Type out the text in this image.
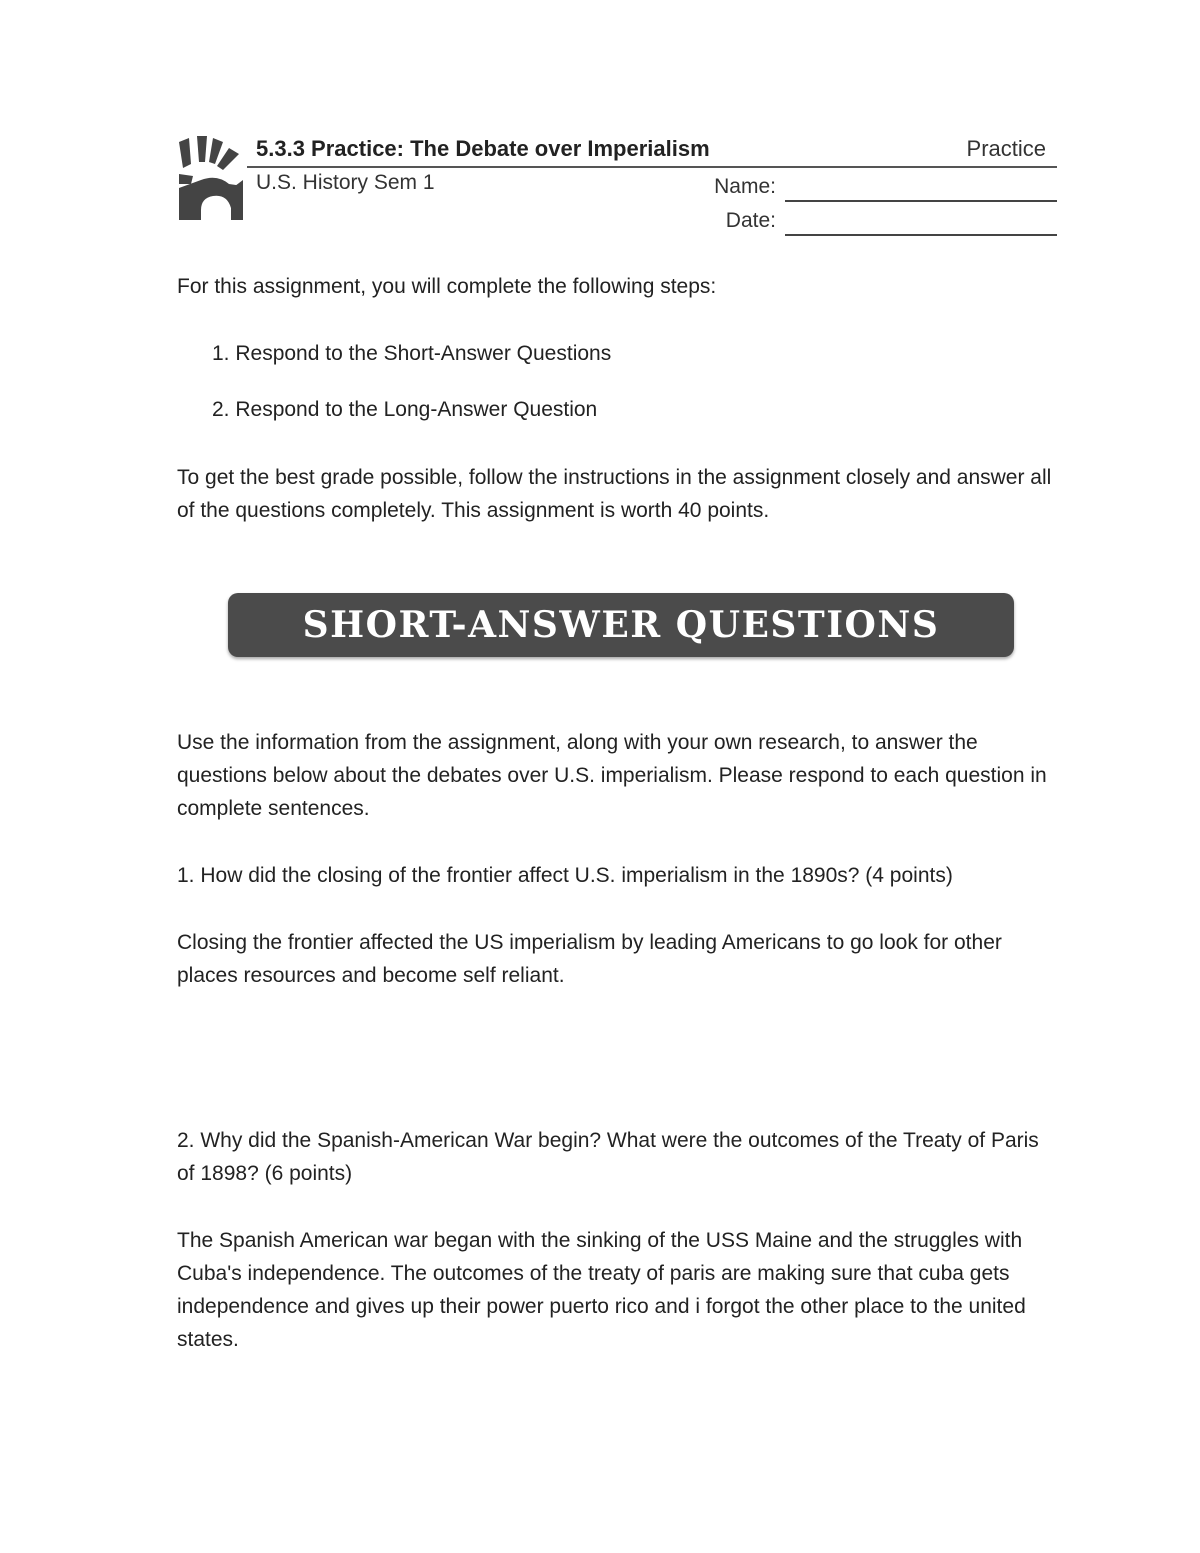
5.3.3 Practice: The Debate over Imperialism	Practice
U.S. History Sem 1	Name:
Date:

For this assignment, you will complete the following steps:

1. Respond to the Short-Answer Questions
2. Respond to the Long-Answer Question

To get the best grade possible, follow the instructions in the assignment closely and answer all of the questions completely. This assignment is worth 40 points.

SHORT-ANSWER QUESTIONS

Use the information from the assignment, along with your own research, to answer the questions below about the debates over U.S. imperialism. Please respond to each question in complete sentences.

1. How did the closing of the frontier affect U.S. imperialism in the 1890s? (4 points)

Closing the frontier affected the US imperialism by leading Americans to go look for other places resources and become self reliant.

2. Why did the Spanish-American War begin? What were the outcomes of the Treaty of Paris of 1898? (6 points)

The Spanish American war began with the sinking of the USS Maine and the struggles with Cuba's independence. The outcomes of the treaty of paris are making sure that cuba gets independence and gives up their power puerto rico and i forgot the other place to the united states.
